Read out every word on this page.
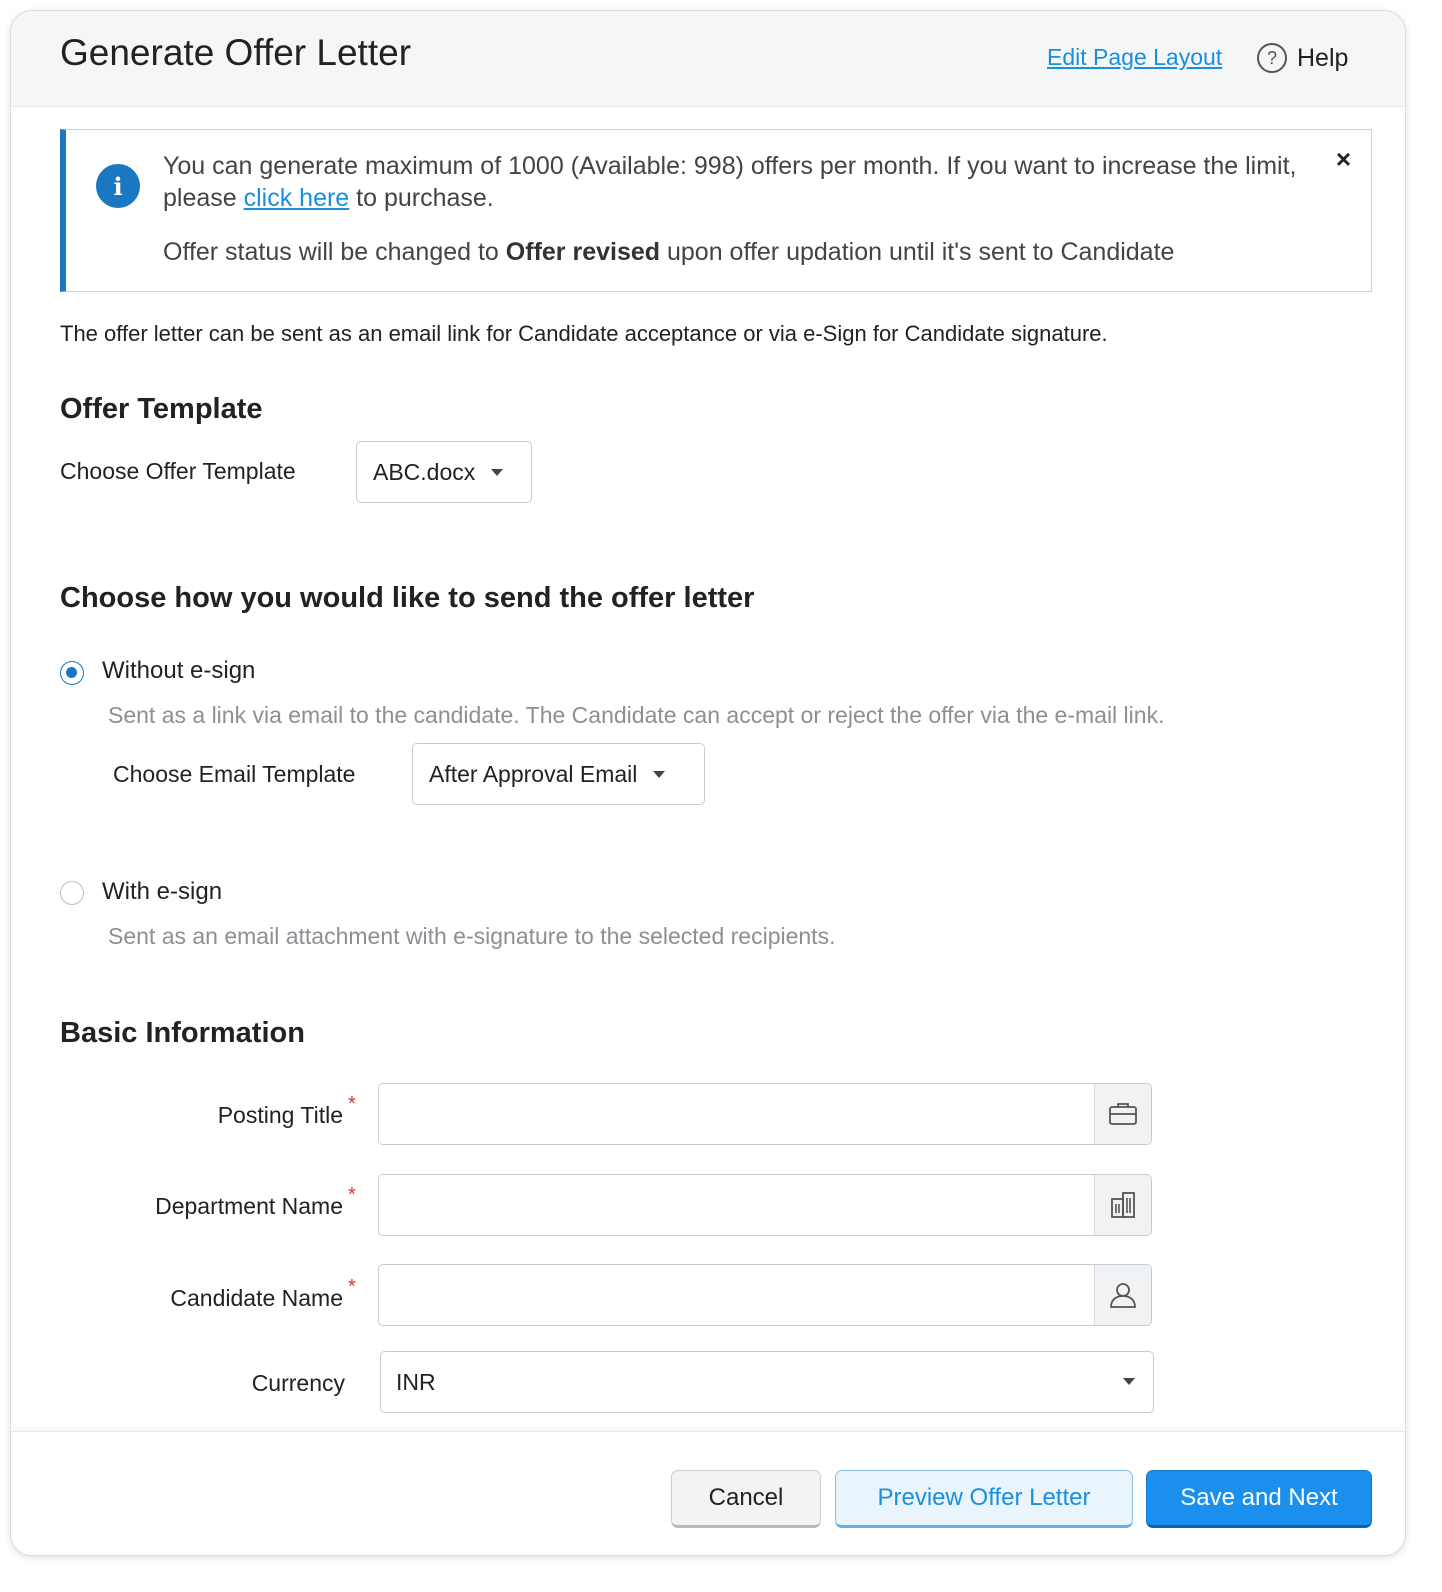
Generate Offer Letter	Edit Page Layout	? Help
i
You can generate maximum of 1000 (Available: 998) offers per month. If you want to increase the limit, please click here to purchase.
Offer status will be changed to Offer revised upon offer updation until it's sent to Candidate
×
The offer letter can be sent as an email link for Candidate acceptance or via e-Sign for Candidate signature.
Offer Template
Choose Offer Template	ABC.docx
Choose how you would like to send the offer letter
Without e-sign
Sent as a link via email to the candidate. The Candidate can accept or reject the offer via the e-mail link.
Choose Email Template	After Approval Email
With e-sign
Sent as an email attachment with e-signature to the selected recipients.
Basic Information
Posting Title *
Department Name *
Candidate Name *
Currency INR
Cancel	Preview Offer Letter	Save and Next
